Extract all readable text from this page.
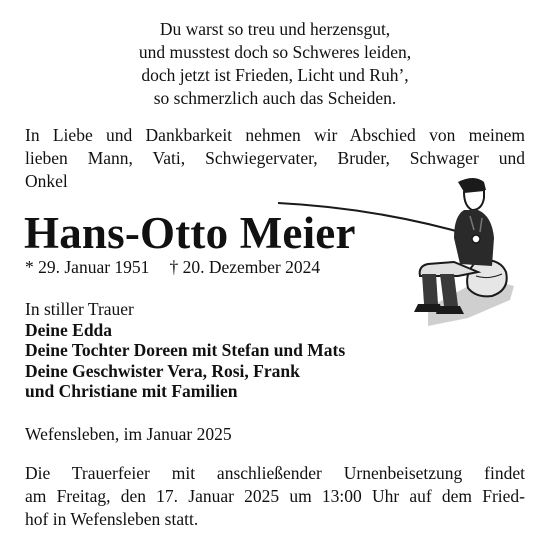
Du warst so treu und herzensgut,
und musstest doch so Schweres leiden,
doch jetzt ist Frieden, Licht und Ruh’,
so schmerzlich auch das Scheiden.
In Liebe und Dankbarkeit nehmen wir Abschied von meinem
lieben Mann, Vati, Schwiegervater, Bruder, Schwager und
Onkel
Hans-Otto Meier
* 29. Januar 1951 † 20. Dezember 2024
In stiller Trauer
Deine Edda
Deine Tochter Doreen mit Stefan und Mats
Deine Geschwister Vera, Rosi, Frank
und Christiane mit Familien
Wefensleben, im Januar 2025
Die Trauerfeier mit anschließender Urnenbeisetzung findet
am Freitag, den 17. Januar 2025 um 13:00 Uhr auf dem Fried-
hof in Wefensleben statt.
